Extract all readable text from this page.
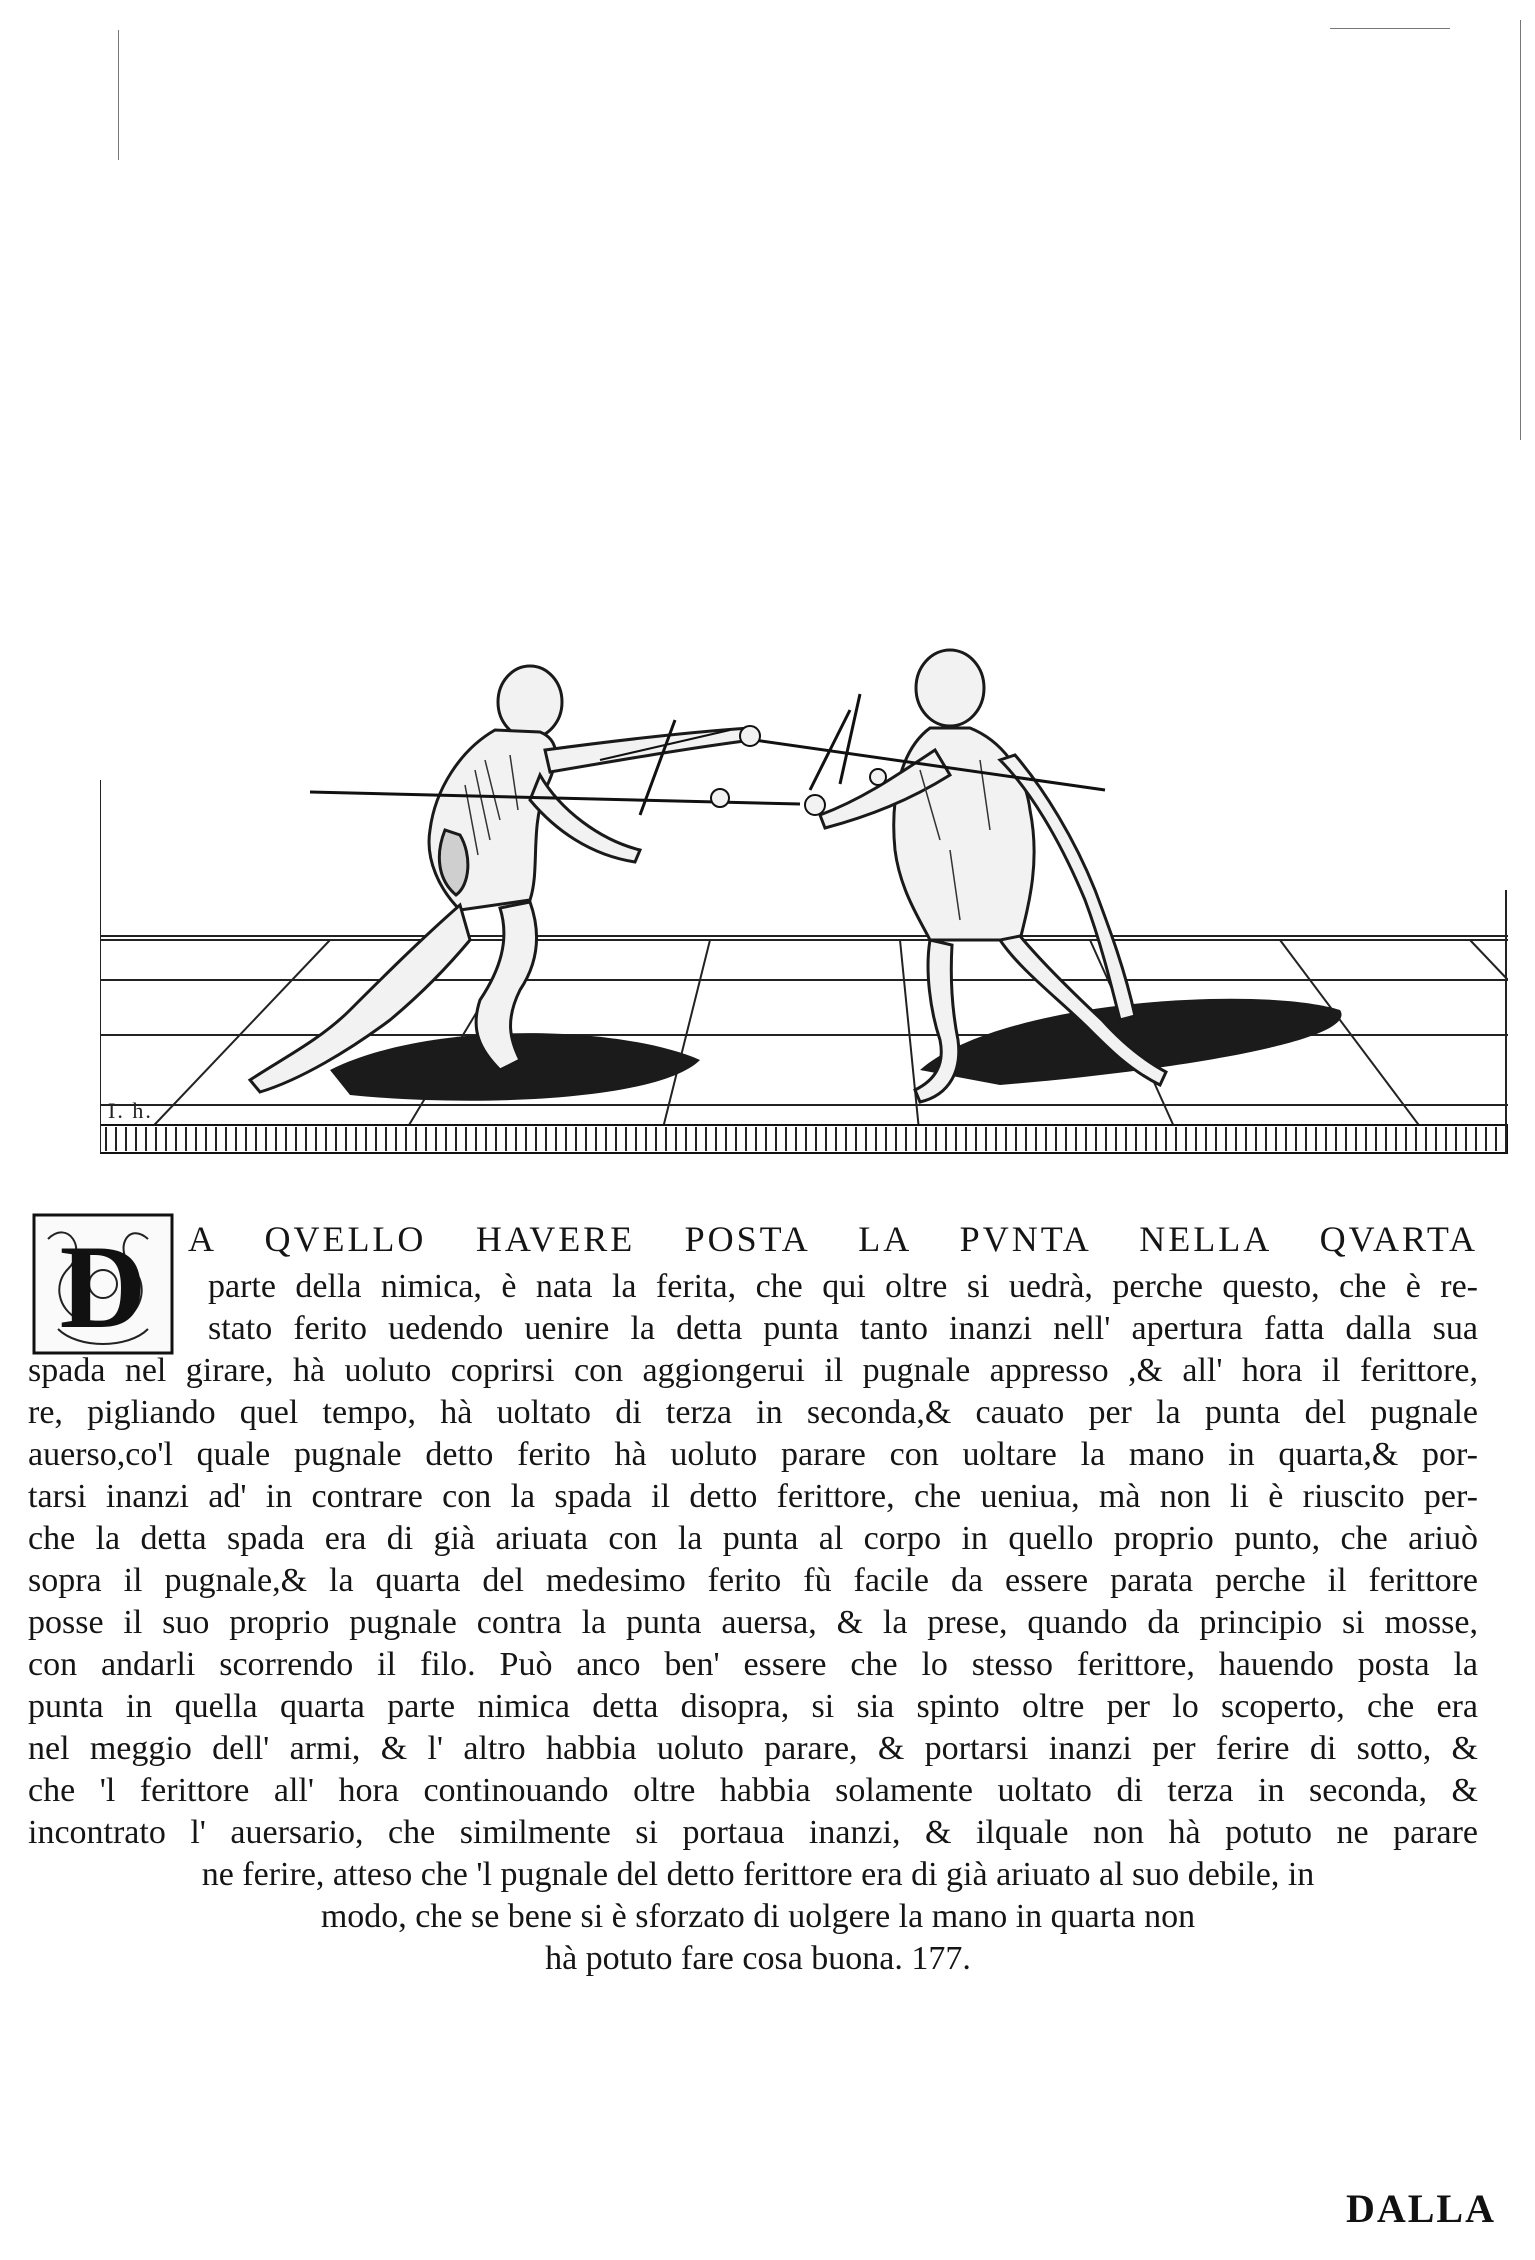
I. h.
D A QVELLO HAVERE POSTA LA PVNTA NELLA QVARTA
parte della nimica, è nata la ferita, che qui oltre si uedrà, perche questo, che è re-
stato ferito uedendo uenire la detta punta tanto inanzi nell' apertura fatta dalla sua
spada nel girare, hà uoluto coprirsi con aggiongerui il pugnale appresso ,& all' hora il ferittore,
re, pigliando quel tempo, hà uoltato di terza in seconda,& cauato per la punta del pugnale
auerso,co'l quale pugnale detto ferito hà uoluto parare con uoltare la mano in quarta,& por-
tarsi inanzi ad' in contrare con la spada il detto ferittore, che ueniua, mà non li è riuscito per-
che la detta spada era di già ariuata con la punta al corpo in quello proprio punto, che ariuò
sopra il pugnale,& la quarta del medesimo ferito fù facile da essere parata perche il ferittore
posse il suo proprio pugnale contra la punta auersa, & la prese, quando da principio si mosse,
con andarli scorrendo il filo. Può anco ben' essere che lo stesso ferittore, hauendo posta la
punta in quella quarta parte nimica detta disopra, si sia spinto oltre per lo scoperto, che era
nel meggio dell' armi, & l' altro habbia uoluto parare, & portarsi inanzi per ferire di sotto, &
che 'l ferittore all' hora continouando oltre habbia solamente uoltato di terza in seconda, &
incontrato l' auersario, che similmente si portaua inanzi, & ilquale non hà potuto ne parare
ne ferire, atteso che 'l pugnale del detto ferittore era di già ariuato al suo debile, in
modo, che se bene si è sforzato di uolgere la mano in quarta non
hà potuto fare cosa buona. 177.
DALLA
